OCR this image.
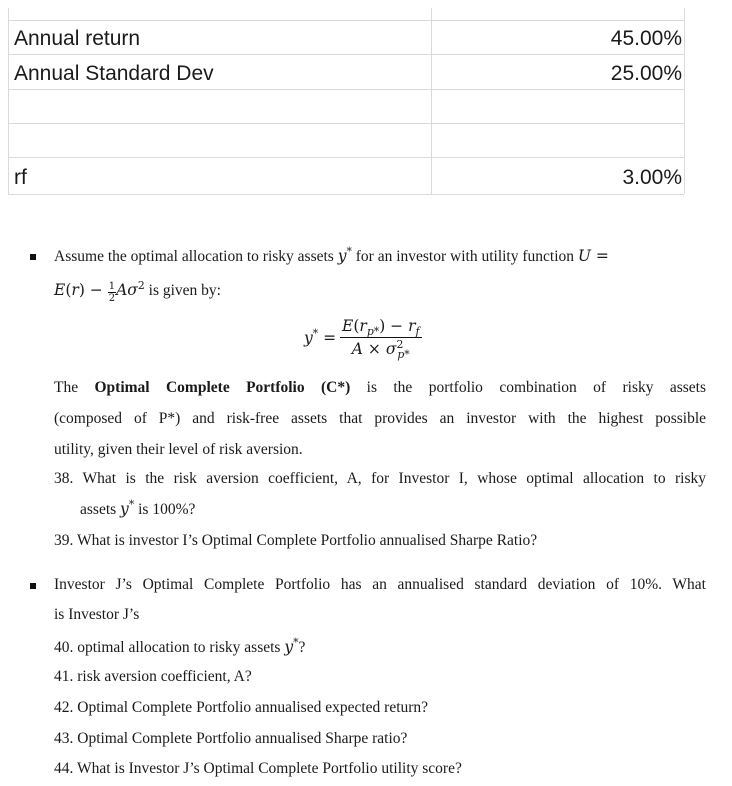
Annual return	45.00%
Annual Standard Dev	25.00%
rf	3.00%
Assume the optimal allocation to risky assets y* for an investor with utility function U =
$E(r) - \frac{1}{2}A\sigma^2$ is given by:
$y^* = \frac{E(r_{p*}) - r_f}{A \times \sigma^2_{p*}}$
The Optimal Complete Portfolio (C*) is the portfolio combination of risky assets
(composed of P*) and risk-free assets that provides an investor with the highest possible
utility, given their level of risk aversion.
38. What is the risk aversion coefficient, A, for Investor I, whose optimal allocation to risky
assets y* is 100%?
39. What is investor I’s Optimal Complete Portfolio annualised Sharpe Ratio?
Investor J’s Optimal Complete Portfolio has an annualised standard deviation of 10%. What
is Investor J’s
40. optimal allocation to risky assets y*?
41. risk aversion coefficient, A?
42. Optimal Complete Portfolio annualised expected return?
43. Optimal Complete Portfolio annualised Sharpe ratio?
44. What is Investor J’s Optimal Complete Portfolio utility score?
